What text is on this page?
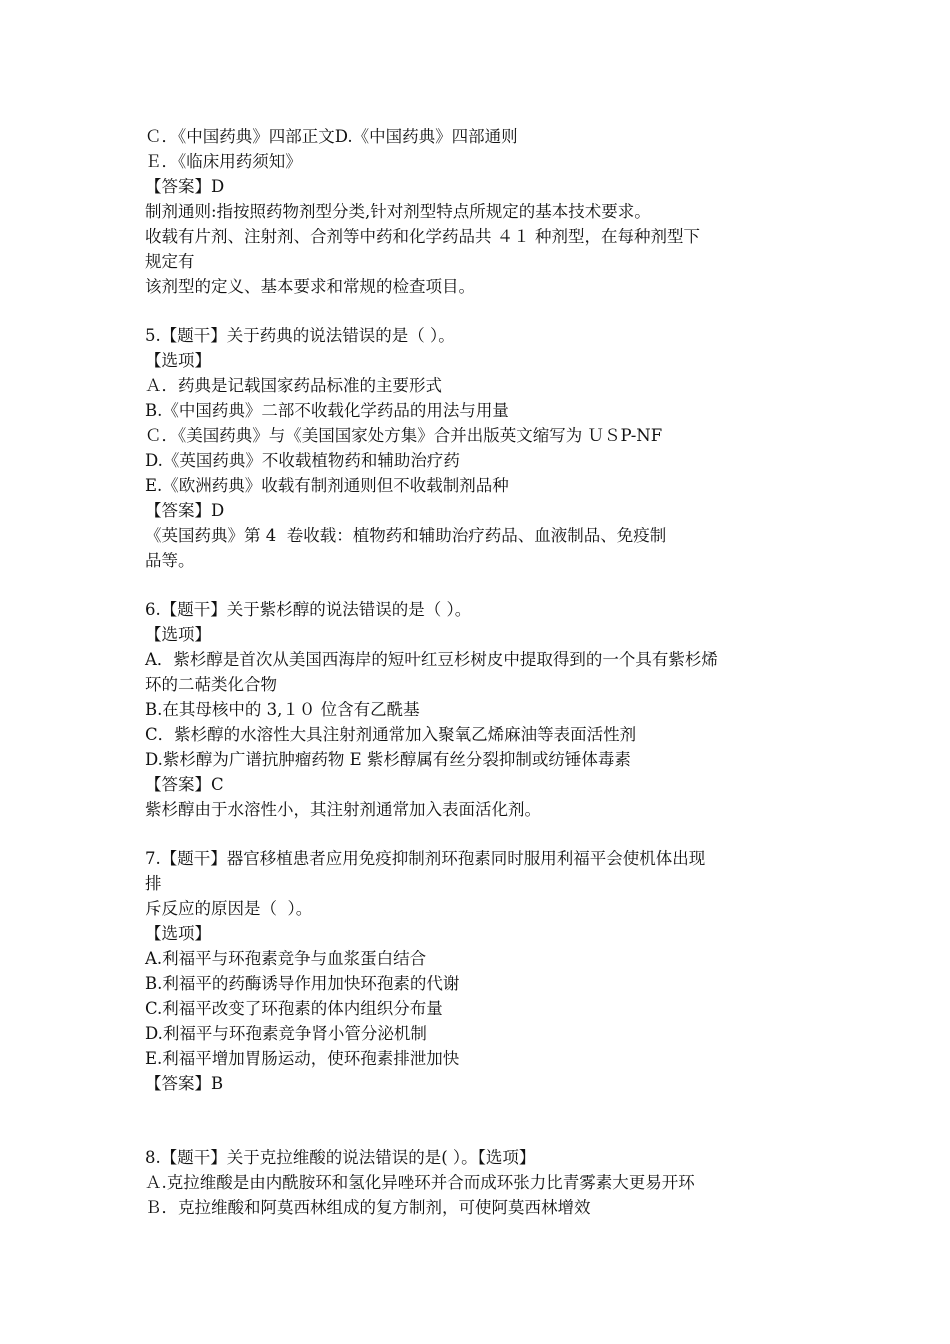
Ｃ．《中国药典》四部正文D.《中国药典》四部通则
Ｅ．《临床用药须知》
【答案】D
制剂通则:指按照药物剂型分类,针对剂型特点所规定的基本技术要求。
收载有片剂、注射剂、合剂等中药和化学药品共 ４１ 种剂型，在每种剂型下
规定有
该剂型的定义、基本要求和常规的检查项目。
5.【题干】关于药典的说法错误的是（ ）。
【选项】
Ａ．药典是记载国家药品标准的主要形式
B.《中国药典》二部不收载化学药品的用法与用量
Ｃ．《美国药典》与《美国国家处方集》合并出版英文缩写为 ＵＳP-NF
D.《英国药典》不收载植物药和辅助治疗药
E.《欧洲药典》收载有制剂通则但不收载制剂品种
【答案】D
《英国药典》第 4  卷收载：植物药和辅助治疗药品、血液制品、免疫制
品等。
6.【题干】关于紫杉醇的说法错误的是（ ）。
【选项】
A．紫杉醇是首次从美国西海岸的短叶红豆杉树皮中提取得到的一个具有紫杉烯
环的二萜类化合物
B.在其母核中的 3,１０ 位含有乙酰基
C．紫杉醇的水溶性大具注射剂通常加入聚氧乙烯麻油等表面活性剂
D.紫杉醇为广谱抗肿瘤药物 E 紫杉醇属有丝分裂抑制或纺锤体毒素
【答案】C
紫杉醇由于水溶性小，其注射剂通常加入表面活化剂。
7.【题干】器官移植患者应用免疫抑制剂环孢素同时服用利福平会使机体出现
排
斥反应的原因是（  ）。
【选项】
A.利福平与环孢素竞争与血浆蛋白结合
B.利福平的药酶诱导作用加快环孢素的代谢
C.利福平改变了环孢素的体内组织分布量
D.利福平与环孢素竞争肾小管分泌机制
E.利福平增加胃肠运动，使环孢素排泄加快
【答案】B
8.【题干】关于克拉维酸的说法错误的是( ）。【选项】
Ａ.克拉维酸是由内酰胺环和氢化异唑环并合而成环张力比青雾素大更易开环
Ｂ．克拉维酸和阿莫西林组成的复方制剂，可使阿莫西林增效
